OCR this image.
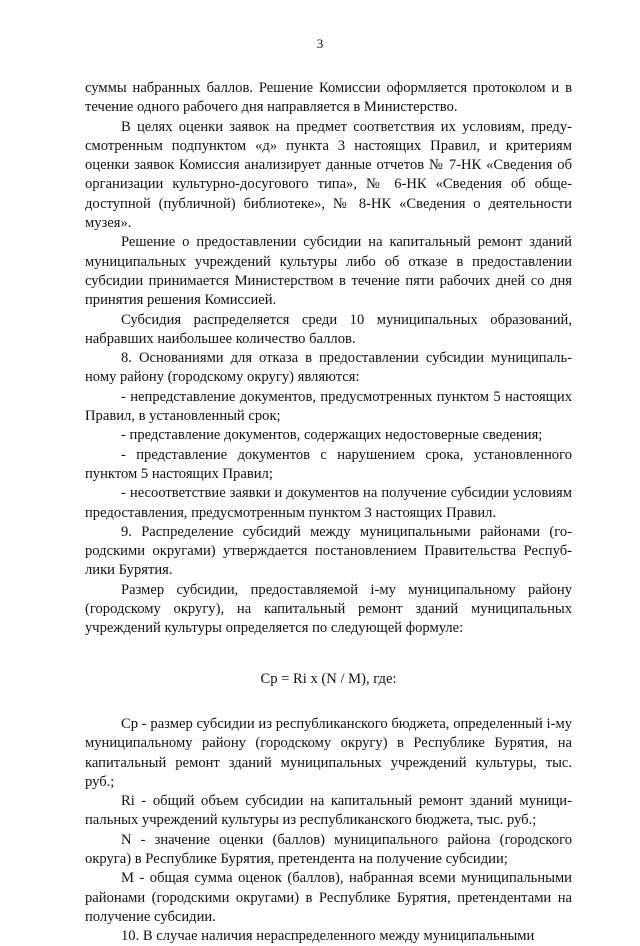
3

суммы набранных баллов. Решение Комиссии оформляется протоколом и в течение одного рабочего дня направляется в Министерство.

В целях оценки заявок на предмет соответствия их условиям, предусмотренным подпунктом «д» пункта 3 настоящих Правил, и критериям оценки заявок Комиссия анализирует данные отчетов № 7-НК «Сведения об организации культурно-досугового типа», № 6-НК «Сведения об общедоступной (публичной) библиотеке», № 8-НК «Сведения о деятельности музея».

Решение о предоставлении субсидии на капитальный ремонт зданий муниципальных учреждений культуры либо об отказе в предоставлении субсидии принимается Министерством в течение пяти рабочих дней со дня принятия решения Комиссией.

Субсидия распределяется среди 10 муниципальных образований, набравших наибольшее количество баллов.

8. Основаниями для отказа в предоставлении субсидии муниципальному району (городскому округу) являются:

- непредставление документов, предусмотренных пунктом 5 настоящих Правил, в установленный срок;

- представление документов, содержащих недостоверные сведения;

- представление документов с нарушением срока, установленного пунктом 5 настоящих Правил;

- несоответствие заявки и документов на получение субсидии условиям предоставления, предусмотренным пунктом 3 настоящих Правил.

9. Распределение субсидий между муниципальными районами (городскими округами) утверждается постановлением Правительства Республики Бурятия.

Размер субсидии, предоставляемой i-му муниципальному району (городскому округу), на капитальный ремонт зданий муниципальных учреждений культуры определяется по следующей формуле:

Ср = Ri х (N / М), где:

Ср - размер субсидии из республиканского бюджета, определенный i-му муниципальному району (городскому округу) в Республике Бурятия, на капитальный ремонт зданий муниципальных учреждений культуры, тыс. руб.;

Ri - общий объем субсидии на капитальный ремонт зданий муниципальных учреждений культуры из республиканского бюджета, тыс. руб.;

N - значение оценки (баллов) муниципального района (городского округа) в Республике Бурятия, претендента на получение субсидии;

М - общая сумма оценок (баллов), набранная всеми муниципальными районами (городскими округами) в Республике Бурятия, претендентами на получение субсидии.

10. В случае наличия нераспределенного между муниципальными
